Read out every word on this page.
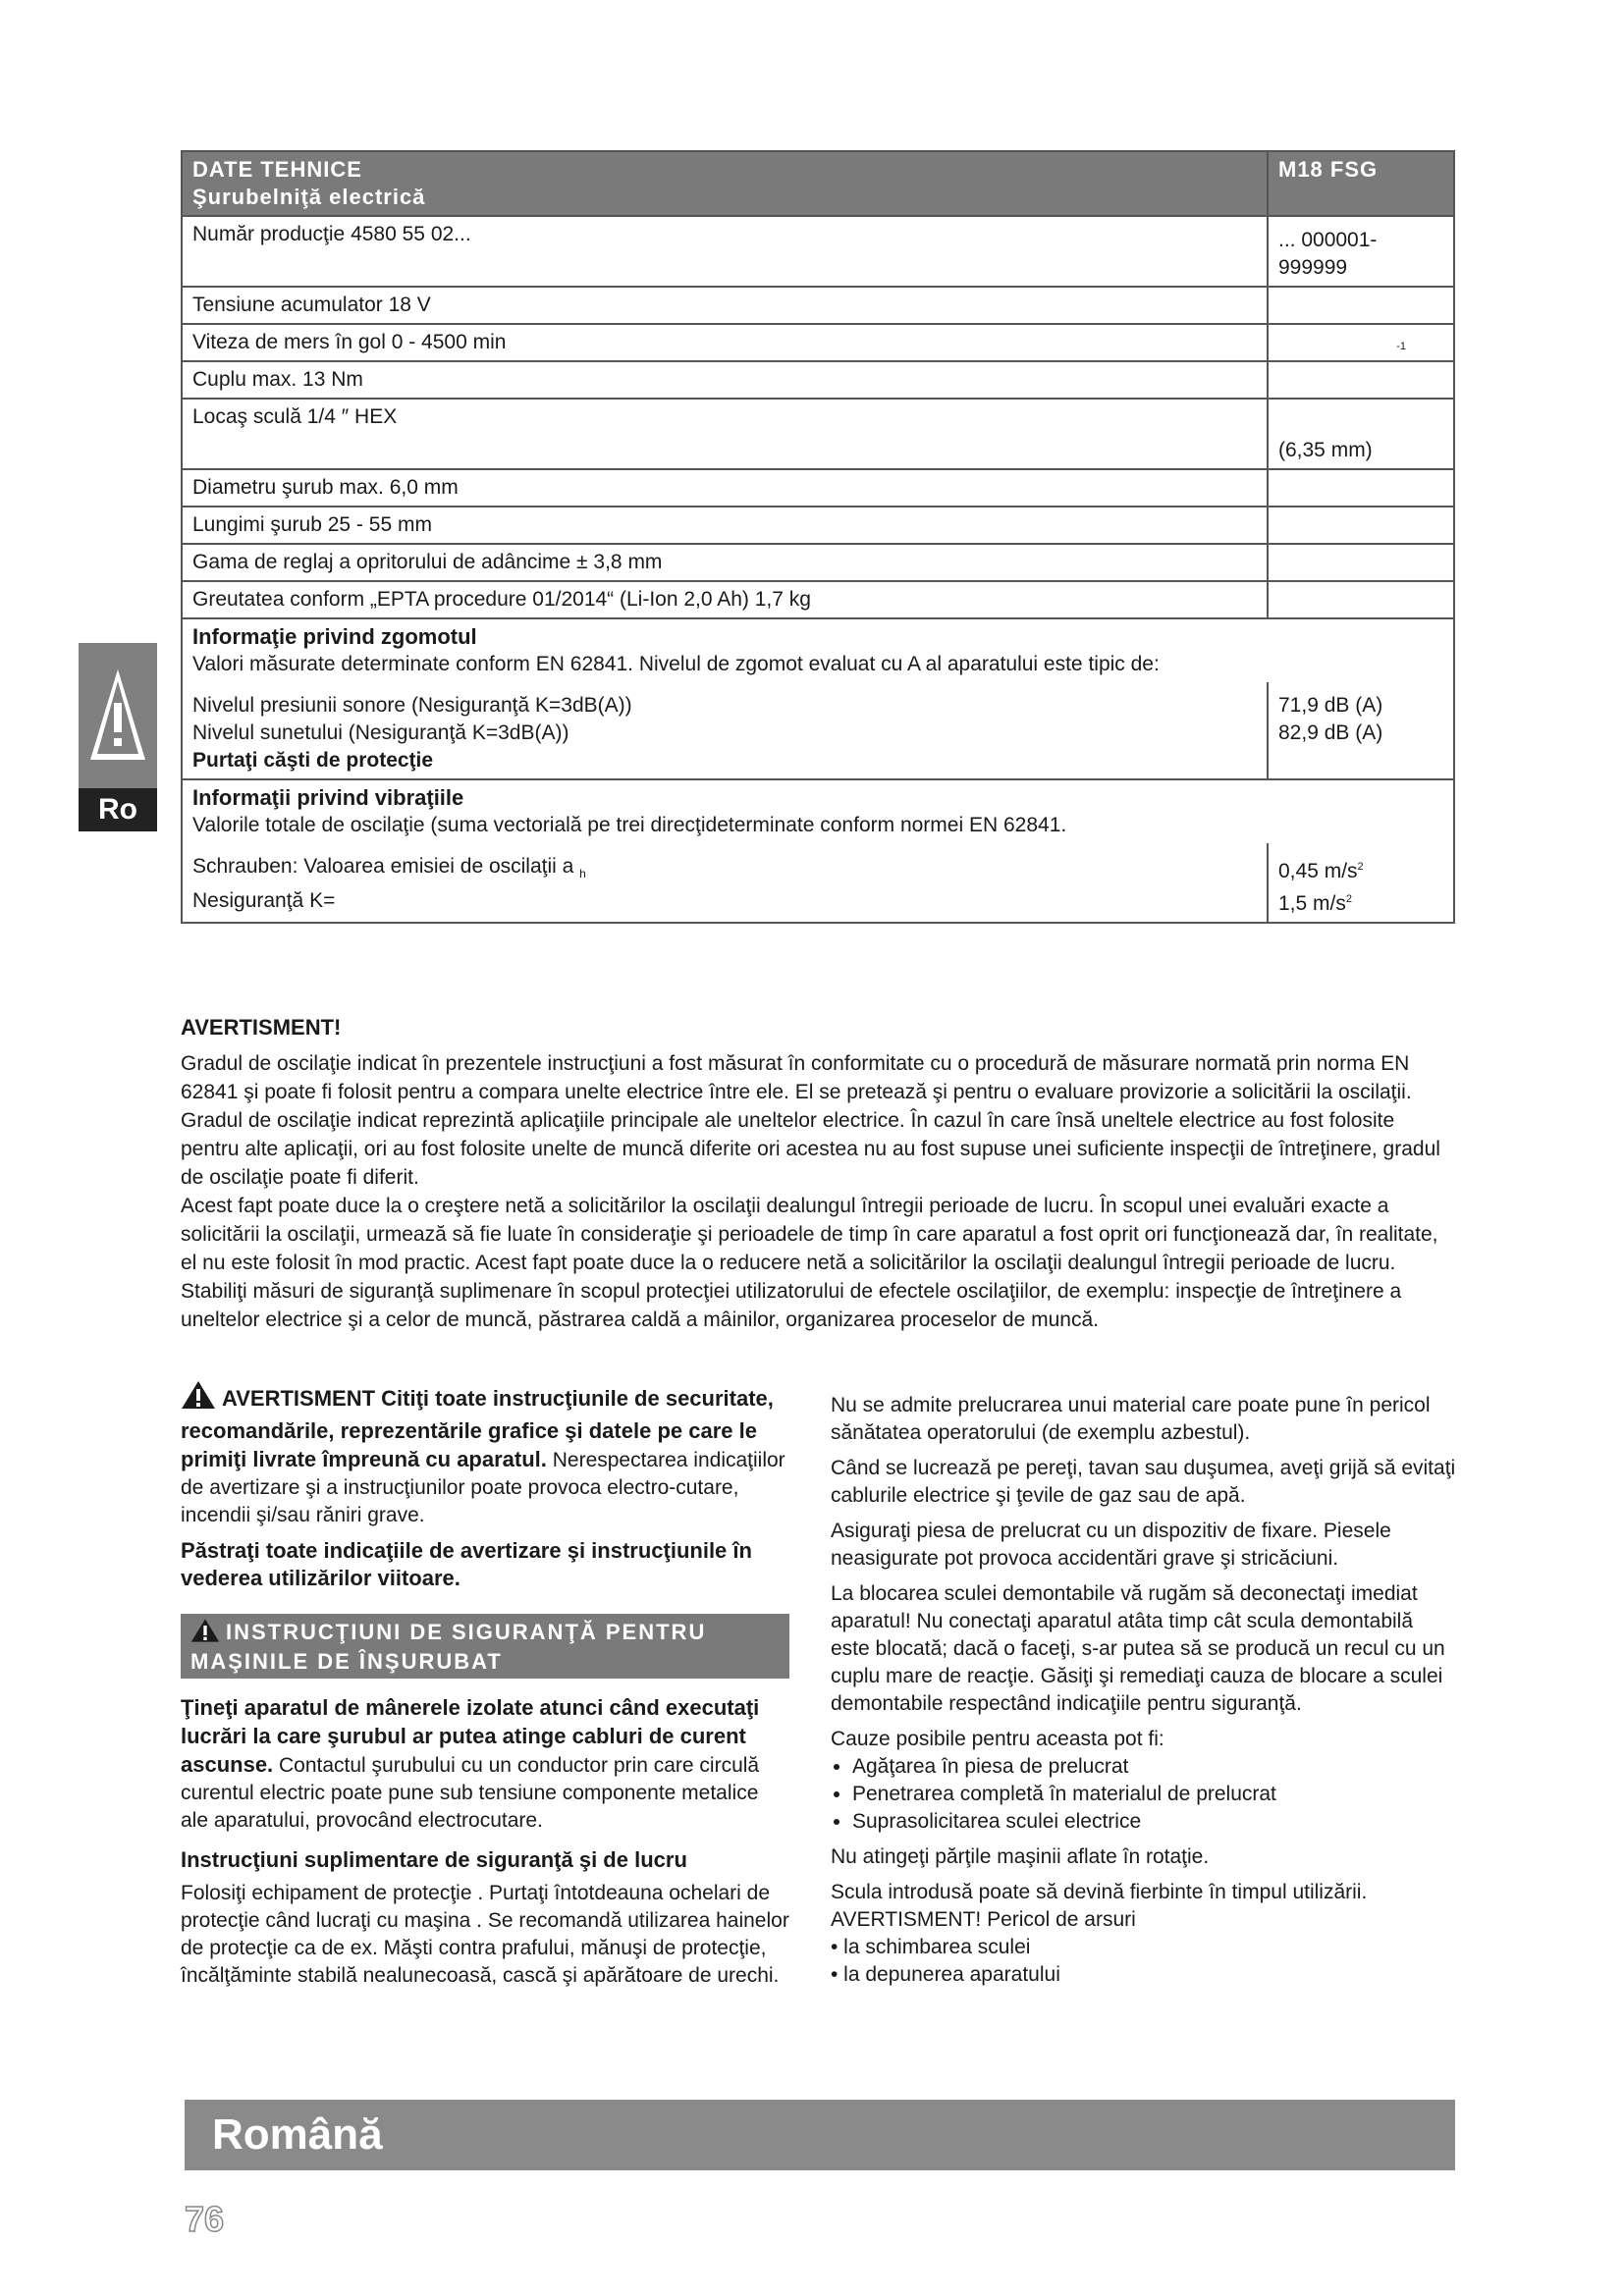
DATE TEHNICE
Şurubelniţă electrică
M18 FSG
Număr producţie 4580 55 02...	... 000001-999999
Tensiune acumulator 18 V
Viteza de mers în gol 0 - 4500 min	-1

Cuplu max. 13 Nm
Locaş sculă 1/4 ″ HEX
(6,35 mm)
Diametru şurub max. 6,0 mm
Lungimi şurub 25 - 55 mm
Gama de reglaj a opritorului de adâncime ± 3,8 mm
Greutatea conform „EPTA procedure 01/2014“ (Li-Ion 2,0 Ah) 1,7 kg
Informaţie privind zgomotul
Valori măsurate determinate conform EN 62841. Nivelul de zgomot evaluat cu A al aparatului este tipic de:
Nivelul presiunii sonore (Nesiguranţă K=3dB(A))
Nivelul sunetului (Nesiguranţă K=3dB(A))
Purtaţi căşti de protecţie
71,9 dB (A)
82,9 dB (A)
Informaţii privind vibraţiile
Valorile totale de oscilaţie (suma vectorială pe trei direcţideterminate conform normei EN 62841.
Schrauben: Valoarea emisiei de oscilaţii a $_h$
Nesiguranţă K=
0,45 $m/s^2$
1,5 $m/s^2$
Ro

AVERTISMENT!

Gradul de oscilaţie indicat în prezentele instrucţiuni a fost măsurat în conformitate cu o procedură de măsurare normată prin norma EN 62841 şi poate fi folosit pentru a compara unelte electrice între ele. El se pretează şi pentru o evaluare provizorie a solicitării la oscilaţii. Gradul de oscilaţie indicat reprezintă aplicaţiile principale ale uneltelor electrice. În cazul în care însă uneltele electrice au fost folosite pentru alte aplicaţii, ori au fost folosite unelte de muncă diferite ori acestea nu au fost supuse unei suficiente inspecţii de întreţinere, gradul de oscilaţie poate fi diferit.

Acest fapt poate duce la o creştere netă a solicitărilor la oscilaţii dealungul întregii perioade de lucru. În scopul unei evaluări exacte a solicitării la oscilaţii, urmează să fie luate în consideraţie şi perioadele de timp în care aparatul a fost oprit ori funcţionează dar, în realitate, el nu este folosit în mod practic. Acest fapt poate duce la o reducere netă a solicitărilor la oscilaţii dealungul întregii perioade de lucru. Stabiliţi măsuri de siguranţă suplimenare în scopul protecţiei utilizatorului de efectele oscilaţiilor, de exemplu: inspecţie de întreţinere a uneltelor electrice şi a celor de muncă, păstrarea caldă a mâinilor, organizarea proceselor de muncă.

AVERTISMENT Citiţi toate instrucţiunile de securitate, recomandările, reprezentările grafice şi datele pe care le primiţi livrate împreună cu aparatul. Nerespectarea indicaţiilor de avertizare şi a instrucţiunilor poate provoca electro-cutare, incendii şi/sau răniri grave.

Păstraţi toate indicaţiile de avertizare şi instrucţiunile în vederea utilizărilor viitoare.

INSTRUCŢIUNI DE SIGURANŢĂ PENTRU MAŞINILE DE ÎNŞURUBAT

Ţineţi aparatul de mânerele izolate atunci când executaţi lucrări la care şurubul ar putea atinge cabluri de curent ascunse. Contactul şurubului cu un conductor prin care circulă curentul electric poate pune sub tensiune componente metalice ale aparatului, provocând electrocutare.

Instrucţiuni suplimentare de siguranţă şi de lucru

Folosiţi echipament de protecţie . Purtaţi întotdeauna ochelari de protecţie când lucraţi cu maşina . Se recomandă utilizarea hainelor de protecţie ca de ex. Măşti contra prafului, mănuşi de protecţie, încălţăminte stabilă nealunecoasă, cască şi apărătoare de urechi.

Nu se admite prelucrarea unui material care poate pune în pericol sănătatea operatorului (de exemplu azbestul).

Când se lucrează pe pereţi, tavan sau duşumea, aveţi grijă să evitaţi cablurile electrice şi ţevile de gaz sau de apă.

Asiguraţi piesa de prelucrat cu un dispozitiv de fixare. Piesele neasigurate pot provoca accidentări grave şi stricăciuni.

La blocarea sculei demontabile vă rugăm să deconectaţi imediat aparatul! Nu conectaţi aparatul atâta timp cât scula demontabilă este blocată; dacă o faceţi, s-ar putea să se producă un recul cu un cuplu mare de reacţie. Găsiţi şi remediaţi cauza de blocare a sculei demontabile respectând indicaţiile pentru siguranţă.

Cauze posibile pentru aceasta pot fi:

• Agăţarea în piesa de prelucrat
• Penetrarea completă în materialul de prelucrat
• Suprasolicitarea sculei electrice

Nu atingeţi părţile maşinii aflate în rotaţie.

Scula introdusă poate să devină fierbinte în timpul utilizării.

AVERTISMENT! Pericol de arsuri

• la schimbarea sculei

• la depunerea aparatului

Română
76
